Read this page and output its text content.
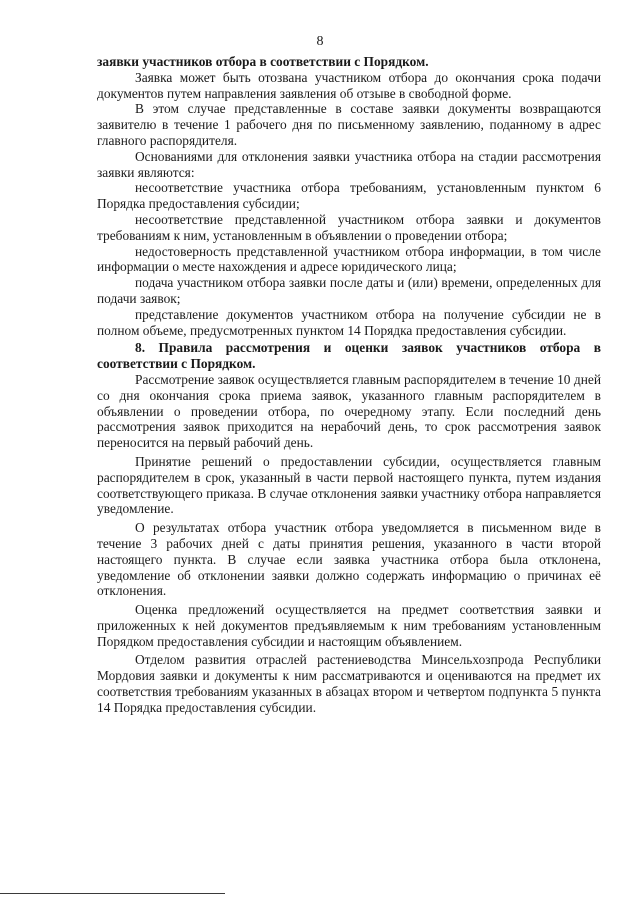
8

заявки участников отбора в соответствии с Порядком.

Заявка может быть отозвана участником отбора до окончания срока подачи документов путем направления заявления об отзыве в свободной форме.

В этом случае представленные в составе заявки документы возвращаются заявителю в течение 1 рабочего дня по письменному заявлению, поданному в адрес главного распорядителя.

Основаниями для отклонения заявки участника отбора на стадии рассмотрения заявки являются:

несоответствие участника отбора требованиям, установленным пунктом 6 Порядка предоставления субсидии;

несоответствие представленной участником отбора заявки и документов требованиям к ним, установленным в объявлении о проведении отбора;

недостоверность представленной участником отбора информации, в том числе информации о месте нахождения и адресе юридического лица;

подача участником отбора заявки после даты и (или) времени, определенных для подачи заявок;

представление документов участником отбора на получение субсидии не в полном объеме, предусмотренных пунктом 14 Порядка предоставления субсидии.

8. Правила рассмотрения и оценки заявок участников отбора в соответствии с Порядком.

Рассмотрение заявок осуществляется главным распорядителем в течение 10 дней со дня окончания срока приема заявок, указанного главным распорядителем в объявлении о проведении отбора, по очередному этапу. Если последний день рассмотрения заявок приходится на нерабочий день, то срок рассмотрения заявок переносится на первый рабочий день.

Принятие решений о предоставлении субсидии, осуществляется главным распорядителем в срок, указанный в части первой настоящего пункта, путем издания соответствующего приказа. В случае отклонения заявки участнику отбора направляется уведомление.

О результатах отбора участник отбора уведомляется в письменном виде в течение 3 рабочих дней с даты принятия решения, указанного в части второй настоящего пункта. В случае если заявка участника отбора была отклонена, уведомление об отклонении заявки должно содержать информацию о причинах её отклонения.

Оценка предложений осуществляется на предмет соответствия заявки и приложенных к ней документов предъявляемым к ним требованиям установленным Порядком предоставления субсидии и настоящим объявлением.

Отделом развития отраслей растениеводства Минсельхозпрода Республики Мордовия заявки и документы к ним рассматриваются и оцениваются на предмет их соответствия требованиям указанных в абзацах втором и четвертом подпункта 5 пункта 14 Порядка предоставления субсидии.
